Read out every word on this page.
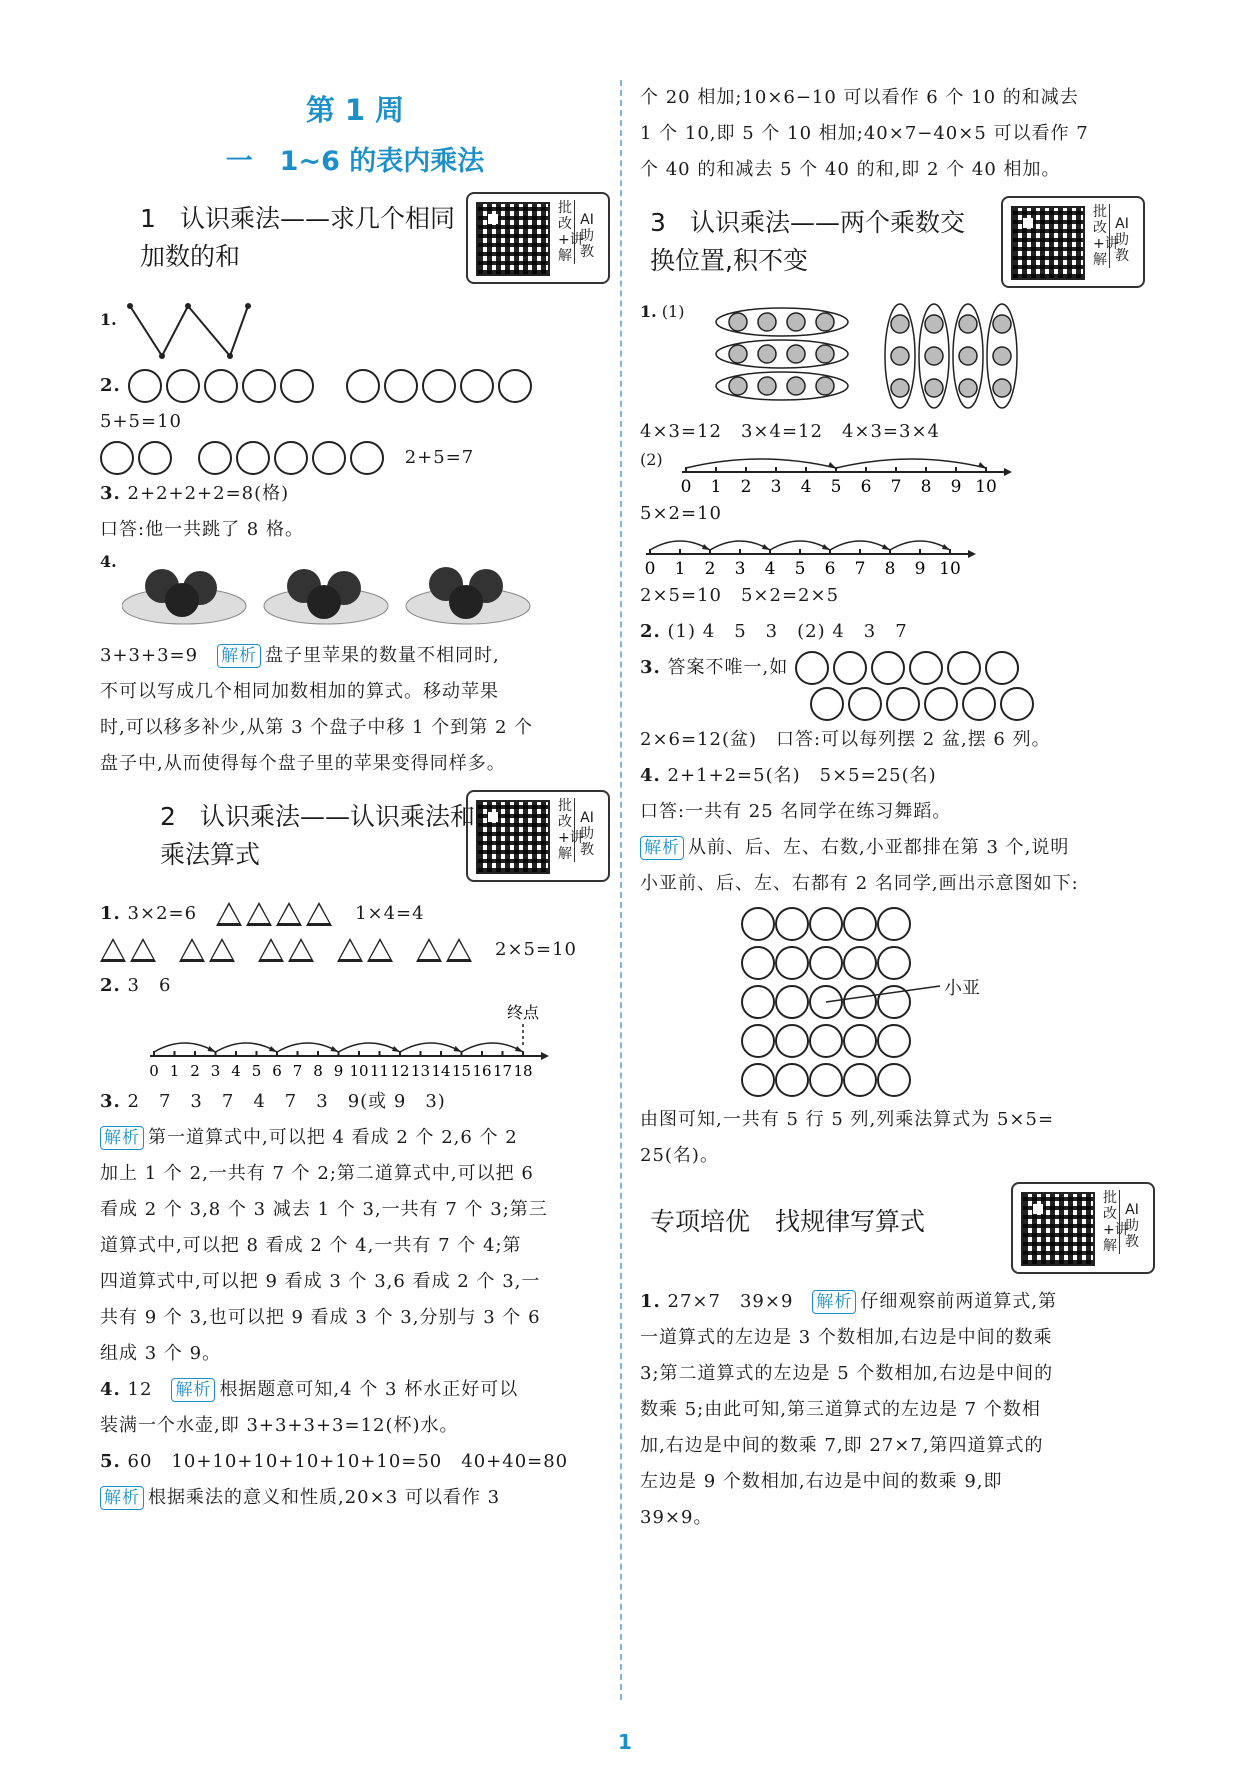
第 1 周
一　1~6 的表内乘法
1 认识乘法——求几个相同加数的和
批改+讲解
AI助教
1.

2.

5+5=10

2+5=7

3. 2+2+2+2=8(格)

口答:他一共跳了 8 格。

4.

3+3+3=9　 解析 盘子里苹果的数量不相同时,

不可以写成几个相同加数相加的算式。移动苹果

时,可以移多补少,从第 3 个盘子中移 1 个到第 2 个

盘子中,从而使得每个盘子里的苹果变得同样多。

2 认识乘法——认识乘法和乘法算式
批改+讲解
AI助教

1. 3×2=6　　	1×4=4

　　　　　2×5=10

2. 3　6

0 1 2 3 4 5 6 7 8 9 10 11 12 13 14 15 16 17 18
终点

3. 2　7　3　7　4　7　3　9(或 9　3)

解析 第一道算式中,可以把 4 看成 2 个 2,6 个 2

加上 1 个 2,一共有 7 个 2;第二道算式中,可以把 6

看成 2 个 3,8 个 3 减去 1 个 3,一共有 7 个 3;第三

道算式中,可以把 8 看成 2 个 4,一共有 7 个 4;第

四道算式中,可以把 9 看成 3 个 3,6 看成 2 个 3,一

共有 9 个 3,也可以把 9 看成 3 个 3,分别与 3 个 6

组成 3 个 9。

4. 12　 解析 根据题意可知,4 个 3 杯水正好可以

装满一个水壶,即 3+3+3+3=12(杯)水。

5. 60　10+10+10+10+10+10=50　40+40=80

解析 根据乘法的意义和性质,20×3 可以看作 3

个 20 相加;10×6−10 可以看作 6 个 10 的和减去

1 个 10,即 5 个 10 相加;40×7−40×5 可以看作 7

个 40 的和减去 5 个 40 的和,即 2 个 40 相加。

3 认识乘法——两个乘数交换位置,积不变
批改+讲解
AI助教
1. (1)

4×3=12　3×4=12　4×3=3×4

(2)
0 1 2 3 4 5 6 7 8 9 10

5×2=10

0 1 2 3 4 5 6 7 8 9 10

2×5=10　5×2=2×5

2. (1) 4　5　3　(2) 4　3　7

3. 答案不唯一,如

2×6=12(盆)　口答:可以每列摆 2 盆,摆 6 列。

4. 2+1+2=5(名)　5×5=25(名)

口答:一共有 25 名同学在练习舞蹈。

解析 从前、后、左、右数,小亚都排在第 3 个,说明

小亚前、后、左、右都有 2 名同学,画出示意图如下:

小亚

由图可知,一共有 5 行 5 列,列乘法算式为 5×5=

25(名)。

专项培优　找规律写算式
批改+讲解
AI助教

1. 27×7　39×9　 解析 仔细观察前两道算式,第

一道算式的左边是 3 个数相加,右边是中间的数乘

3;第二道算式的左边是 5 个数相加,右边是中间的

数乘 5;由此可知,第三道算式的左边是 7 个数相

加,右边是中间的数乘 7,即 27×7,第四道算式的

左边是 9 个数相加,右边是中间的数乘 9,即

39×9。

1
